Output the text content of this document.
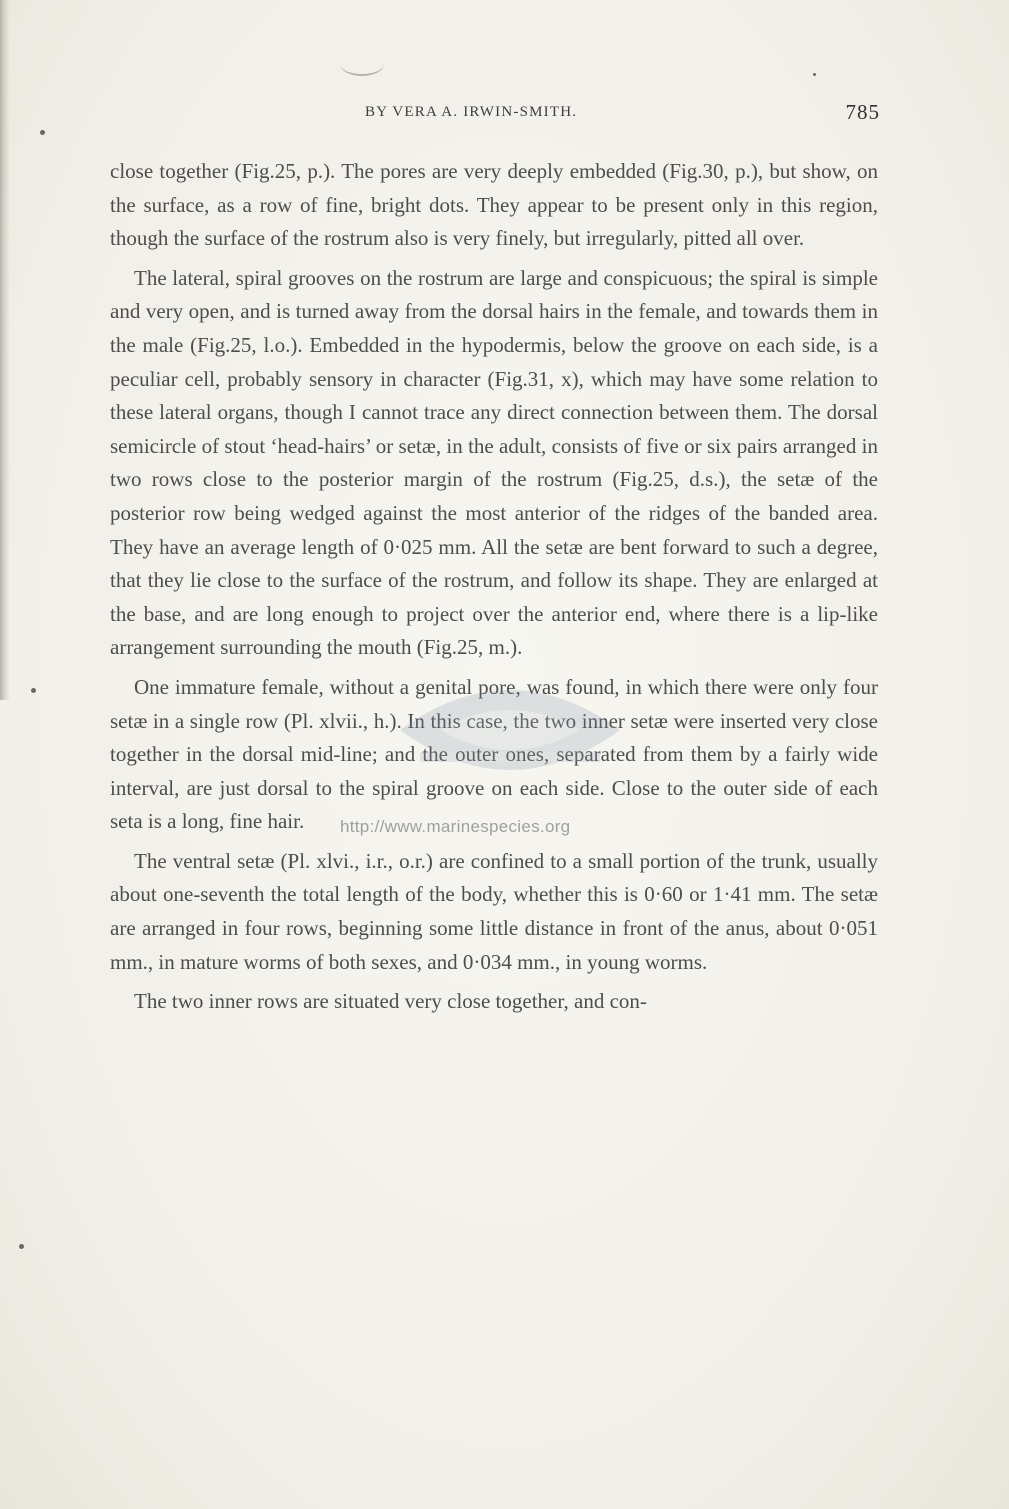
BY VERA A. IRWIN-SMITH.	785

close together (Fig.25, p.). The pores are very deeply embedded (Fig.30, p.), but show, on the surface, as a row of fine, bright dots. They appear to be present only in this region, though the surface of the rostrum also is very finely, but irregularly, pitted all over.

The lateral, spiral grooves on the rostrum are large and conspicuous; the spiral is simple and very open, and is turned away from the dorsal hairs in the female, and towards them in the male (Fig.25, l.o.). Embedded in the hypodermis, below the groove on each side, is a peculiar cell, probably sensory in character (Fig.31, x), which may have some relation to these lateral organs, though I cannot trace any direct connection between them. The dorsal semicircle of stout ‘head-hairs’ or setæ, in the adult, consists of five or six pairs arranged in two rows close to the posterior margin of the rostrum (Fig.25, d.s.), the setæ of the posterior row being wedged against the most anterior of the ridges of the banded area. They have an average length of 0·025 mm. All the setæ are bent forward to such a degree, that they lie close to the surface of the rostrum, and follow its shape. They are enlarged at the base, and are long enough to project over the anterior end, where there is a lip-like arrangement surrounding the mouth (Fig.25, m.).

One immature female, without a genital pore, was found, in which there were only four setæ in a single row (Pl. xlvii., h.). In this case, the two inner setæ were inserted very close together in the dorsal mid-line; and the outer ones, separated from them by a fairly wide interval, are just dorsal to the spiral groove on each side. Close to the outer side of each seta is a long, fine hair.

The ventral setæ (Pl. xlvi., i.r., o.r.) are confined to a small portion of the trunk, usually about one-seventh the total length of the body, whether this is 0·60 or 1·41 mm. The setæ are arranged in four rows, beginning some little distance in front of the anus, about 0·051 mm., in mature worms of both sexes, and 0·034 mm., in young worms.

The two inner rows are situated very close together, and con-

http://www.marinespecies.org
